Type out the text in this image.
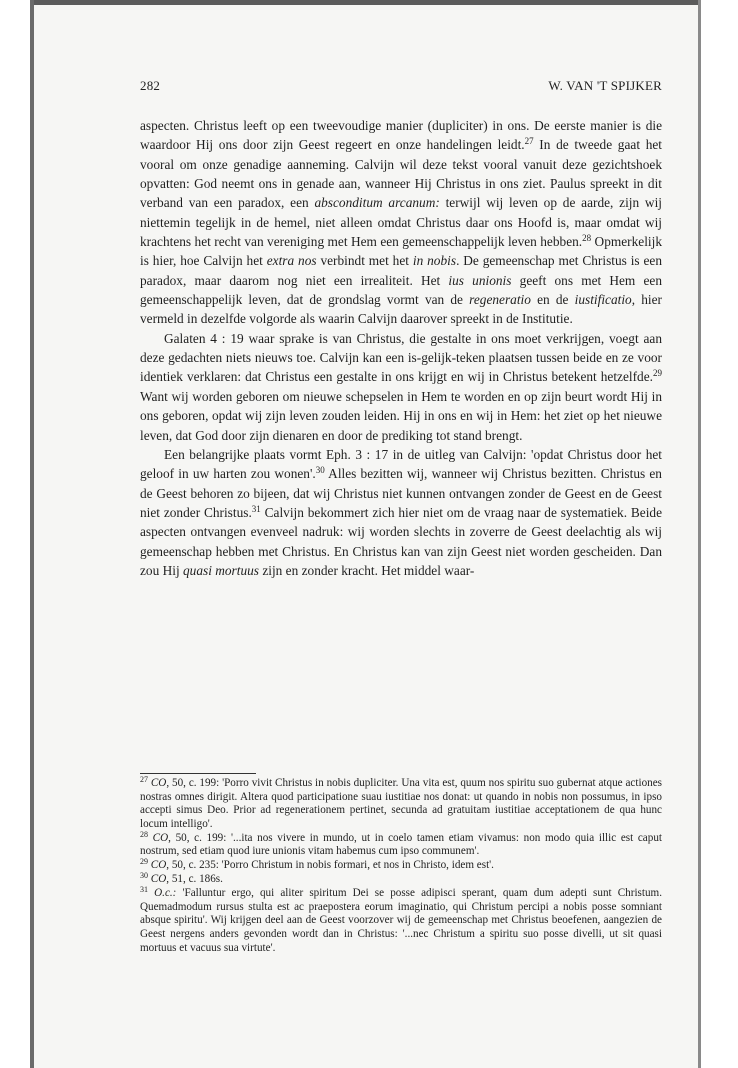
282	W. VAN 'T SPIJKER

aspecten. Christus leeft op een tweevoudige manier (dupliciter) in ons. De eerste manier is die waardoor Hij ons door zijn Geest regeert en onze handelingen leidt.$^{27}$ In de tweede gaat het vooral om onze genadige aanneming. Calvijn wil deze tekst vooral vanuit deze gezichtshoek opvatten: God neemt ons in genade aan, wanneer Hij Christus in ons ziet. Paulus spreekt in dit verband van een paradox, een absconditum arcanum: terwijl wij leven op de aarde, zijn wij niettemin tegelijk in de hemel, niet alleen omdat Christus daar ons Hoofd is, maar omdat wij krachtens het recht van vereniging met Hem een gemeenschappelijk leven hebben.$^{28}$ Opmerkelijk is hier, hoe Calvijn het extra nos verbindt met het in nobis. De gemeenschap met Christus is een paradox, maar daarom nog niet een irrealiteit. Het ius unionis geeft ons met Hem een gemeenschappelijk leven, dat de grondslag vormt van de regeneratio en de iustificatio, hier vermeld in dezelfde volgorde als waarin Calvijn daarover spreekt in de Institutie.

Galaten 4 : 19 waar sprake is van Christus, die gestalte in ons moet verkrijgen, voegt aan deze gedachten niets nieuws toe. Calvijn kan een is-gelijk-teken plaatsen tussen beide en ze voor identiek verklaren: dat Christus een gestalte in ons krijgt en wij in Christus betekent hetzelfde.$^{29}$ Want wij worden geboren om nieuwe schepselen in Hem te worden en op zijn beurt wordt Hij in ons geboren, opdat wij zijn leven zouden leiden. Hij in ons en wij in Hem: het ziet op het nieuwe leven, dat God door zijn dienaren en door de prediking tot stand brengt.

Een belangrijke plaats vormt Eph. 3 : 17 in de uitleg van Calvijn: 'opdat Christus door het geloof in uw harten zou wonen'.$^{30}$ Alles bezitten wij, wanneer wij Christus bezitten. Christus en de Geest behoren zo bijeen, dat wij Christus niet kunnen ontvangen zonder de Geest en de Geest niet zonder Christus.$^{31}$ Calvijn bekommert zich hier niet om de vraag naar de systematiek. Beide aspecten ontvangen evenveel nadruk: wij worden slechts in zoverre de Geest deelachtig als wij gemeenschap hebben met Christus. En Christus kan van zijn Geest niet worden gescheiden. Dan zou Hij quasi mortuus zijn en zonder kracht. Het middel waar-

$^{27}$ CO, 50, c. 199: 'Porro vivit Christus in nobis dupliciter. Una vita est, quum nos spiritu suo gubernat atque actiones nostras omnes dirigit. Altera quod participatione suau iustitiae nos donat: ut quando in nobis non possumus, in ipso accepti simus Deo. Prior ad regenerationem pertinet, secunda ad gratuitam iustitiae acceptationem de qua hunc locum intelligo'.

$^{28}$ CO, 50, c. 199: '...ita nos vivere in mundo, ut in coelo tamen etiam vivamus: non modo quia illic est caput nostrum, sed etiam quod iure unionis vitam habemus cum ipso communem'.

$^{29}$ CO, 50, c. 235: 'Porro Christum in nobis formari, et nos in Christo, idem est'.

$^{30}$ CO, 51, c. 186s.

$^{31}$ O.c.: 'Falluntur ergo, qui aliter spiritum Dei se posse adipisci sperant, quam dum adepti sunt Christum. Quemadmodum rursus stulta est ac praepostera eorum imaginatio, qui Christum percipi a nobis posse somniant absque spiritu'. Wij krijgen deel aan de Geest voorzover wij de gemeenschap met Christus beoefenen, aangezien de Geest nergens anders gevonden wordt dan in Christus: '...nec Christum a spiritu suo posse divelli, ut sit quasi mortuus et vacuus sua virtute'.
